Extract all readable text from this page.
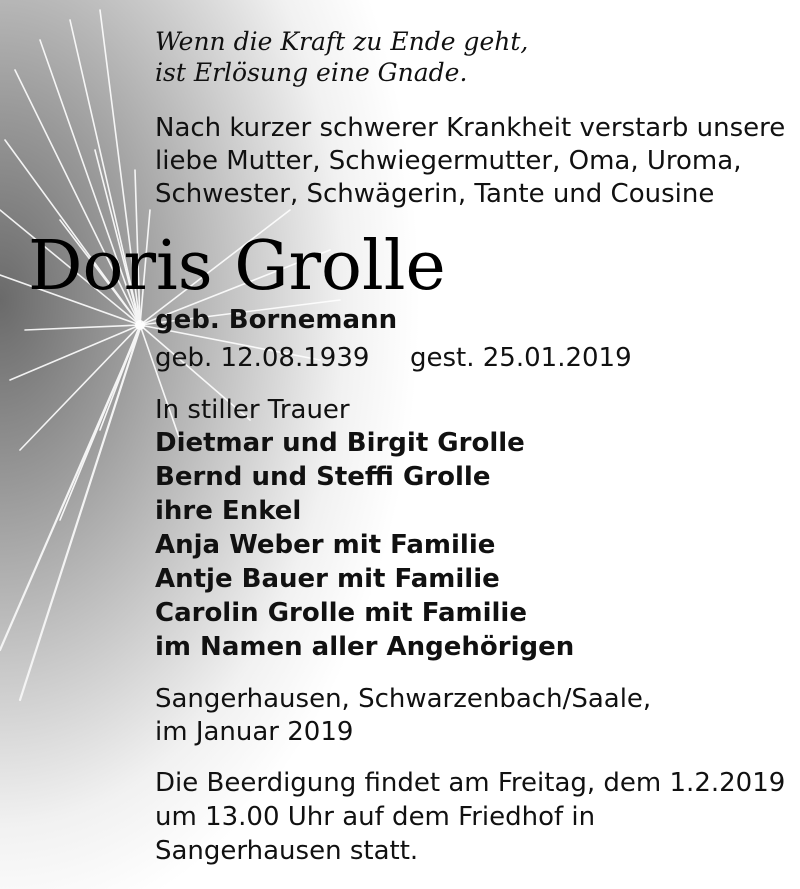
Wenn die Kraft zu Ende geht,
ist Erlösung eine Gnade.
Nach kurzer schwerer Krankheit verstarb unsere
liebe Mutter, Schwiegermutter, Oma, Uroma,
Schwester, Schwägerin, Tante und Cousine
Doris Grolle
geb. Bornemann
geb. 12.08.1939 gest. 25.01.2019
In stiller Trauer
Dietmar und Birgit Grolle
Bernd und Steffi Grolle
ihre Enkel
Anja Weber mit Familie
Antje Bauer mit Familie
Carolin Grolle mit Familie
im Namen aller Angehörigen
Sangerhausen, Schwarzenbach/Saale,
im Januar 2019
Die Beerdigung findet am Freitag, dem 1.2.2019
um 13.00 Uhr auf dem Friedhof in
Sangerhausen statt.
